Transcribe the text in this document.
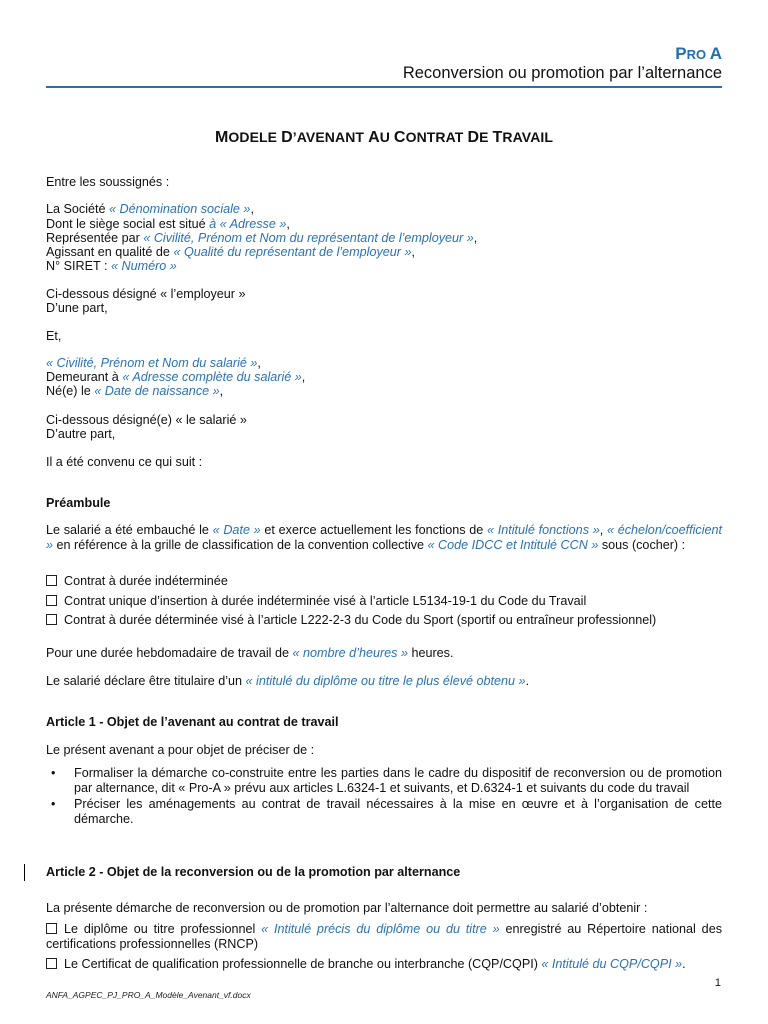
PRO A
Reconversion ou promotion par l’alternance
MODELE D’AVENANT AU CONTRAT DE TRAVAIL
Entre les soussignés :
La Société « Dénomination sociale »,
Dont le siège social est situé à « Adresse »,
Représentée par « Civilité, Prénom et Nom du représentant de l’employeur »,
Agissant en qualité de « Qualité du représentant de l’employeur »,
N° SIRET : « Numéro »
Ci-dessous désigné « l’employeur »
D’une part,
Et,
« Civilité, Prénom et Nom du salarié »,
Demeurant à « Adresse complète du salarié »,
Né(e) le « Date de naissance »,
Ci-dessous désigné(e) « le salarié »
D’autre part,
Il a été convenu ce qui suit :
Préambule
Le salarié a été embauché le « Date » et exerce actuellement les fonctions de « Intitulé fonctions », « échelon/coefficient » en référence à la grille de classification de la convention collective « Code IDCC et Intitulé CCN » sous (cocher) :
Contrat à durée indéterminée
Contrat unique d’insertion à durée indéterminée visé à l’article L5134-19-1 du Code du Travail
Contrat à durée déterminée visé à l’article L222-2-3 du Code du Sport (sportif ou entraîneur professionnel)
Pour une durée hebdomadaire de travail de « nombre d’heures » heures.
Le salarié déclare être titulaire d’un « intitulé du diplôme ou titre le plus élevé obtenu ».
Article 1 - Objet de l’avenant au contrat de travail
Le présent avenant a pour objet de préciser de :
• Formaliser la démarche co-construite entre les parties dans le cadre du dispositif de reconversion ou de promotion par alternance, dit « Pro-A » prévu aux articles L.6324-1 et suivants, et D.6324-1 et suivants du code du travail
• Préciser les aménagements au contrat de travail nécessaires à la mise en œuvre et à l’organisation de cette démarche.
Article 2 - Objet de la reconversion ou de la promotion par alternance
La présente démarche de reconversion ou de promotion par l’alternance doit permettre au salarié d’obtenir :
Le diplôme ou titre professionnel « Intitulé précis du diplôme ou du titre » enregistré au Répertoire national des certifications professionnelles (RNCP)
Le Certificat de qualification professionnelle de branche ou interbranche (CQP/CQPI) « Intitulé du CQP/CQPI ».
1
ANFA_AGPEC_PJ_PRO_A_Modèle_Avenant_vf.docx
